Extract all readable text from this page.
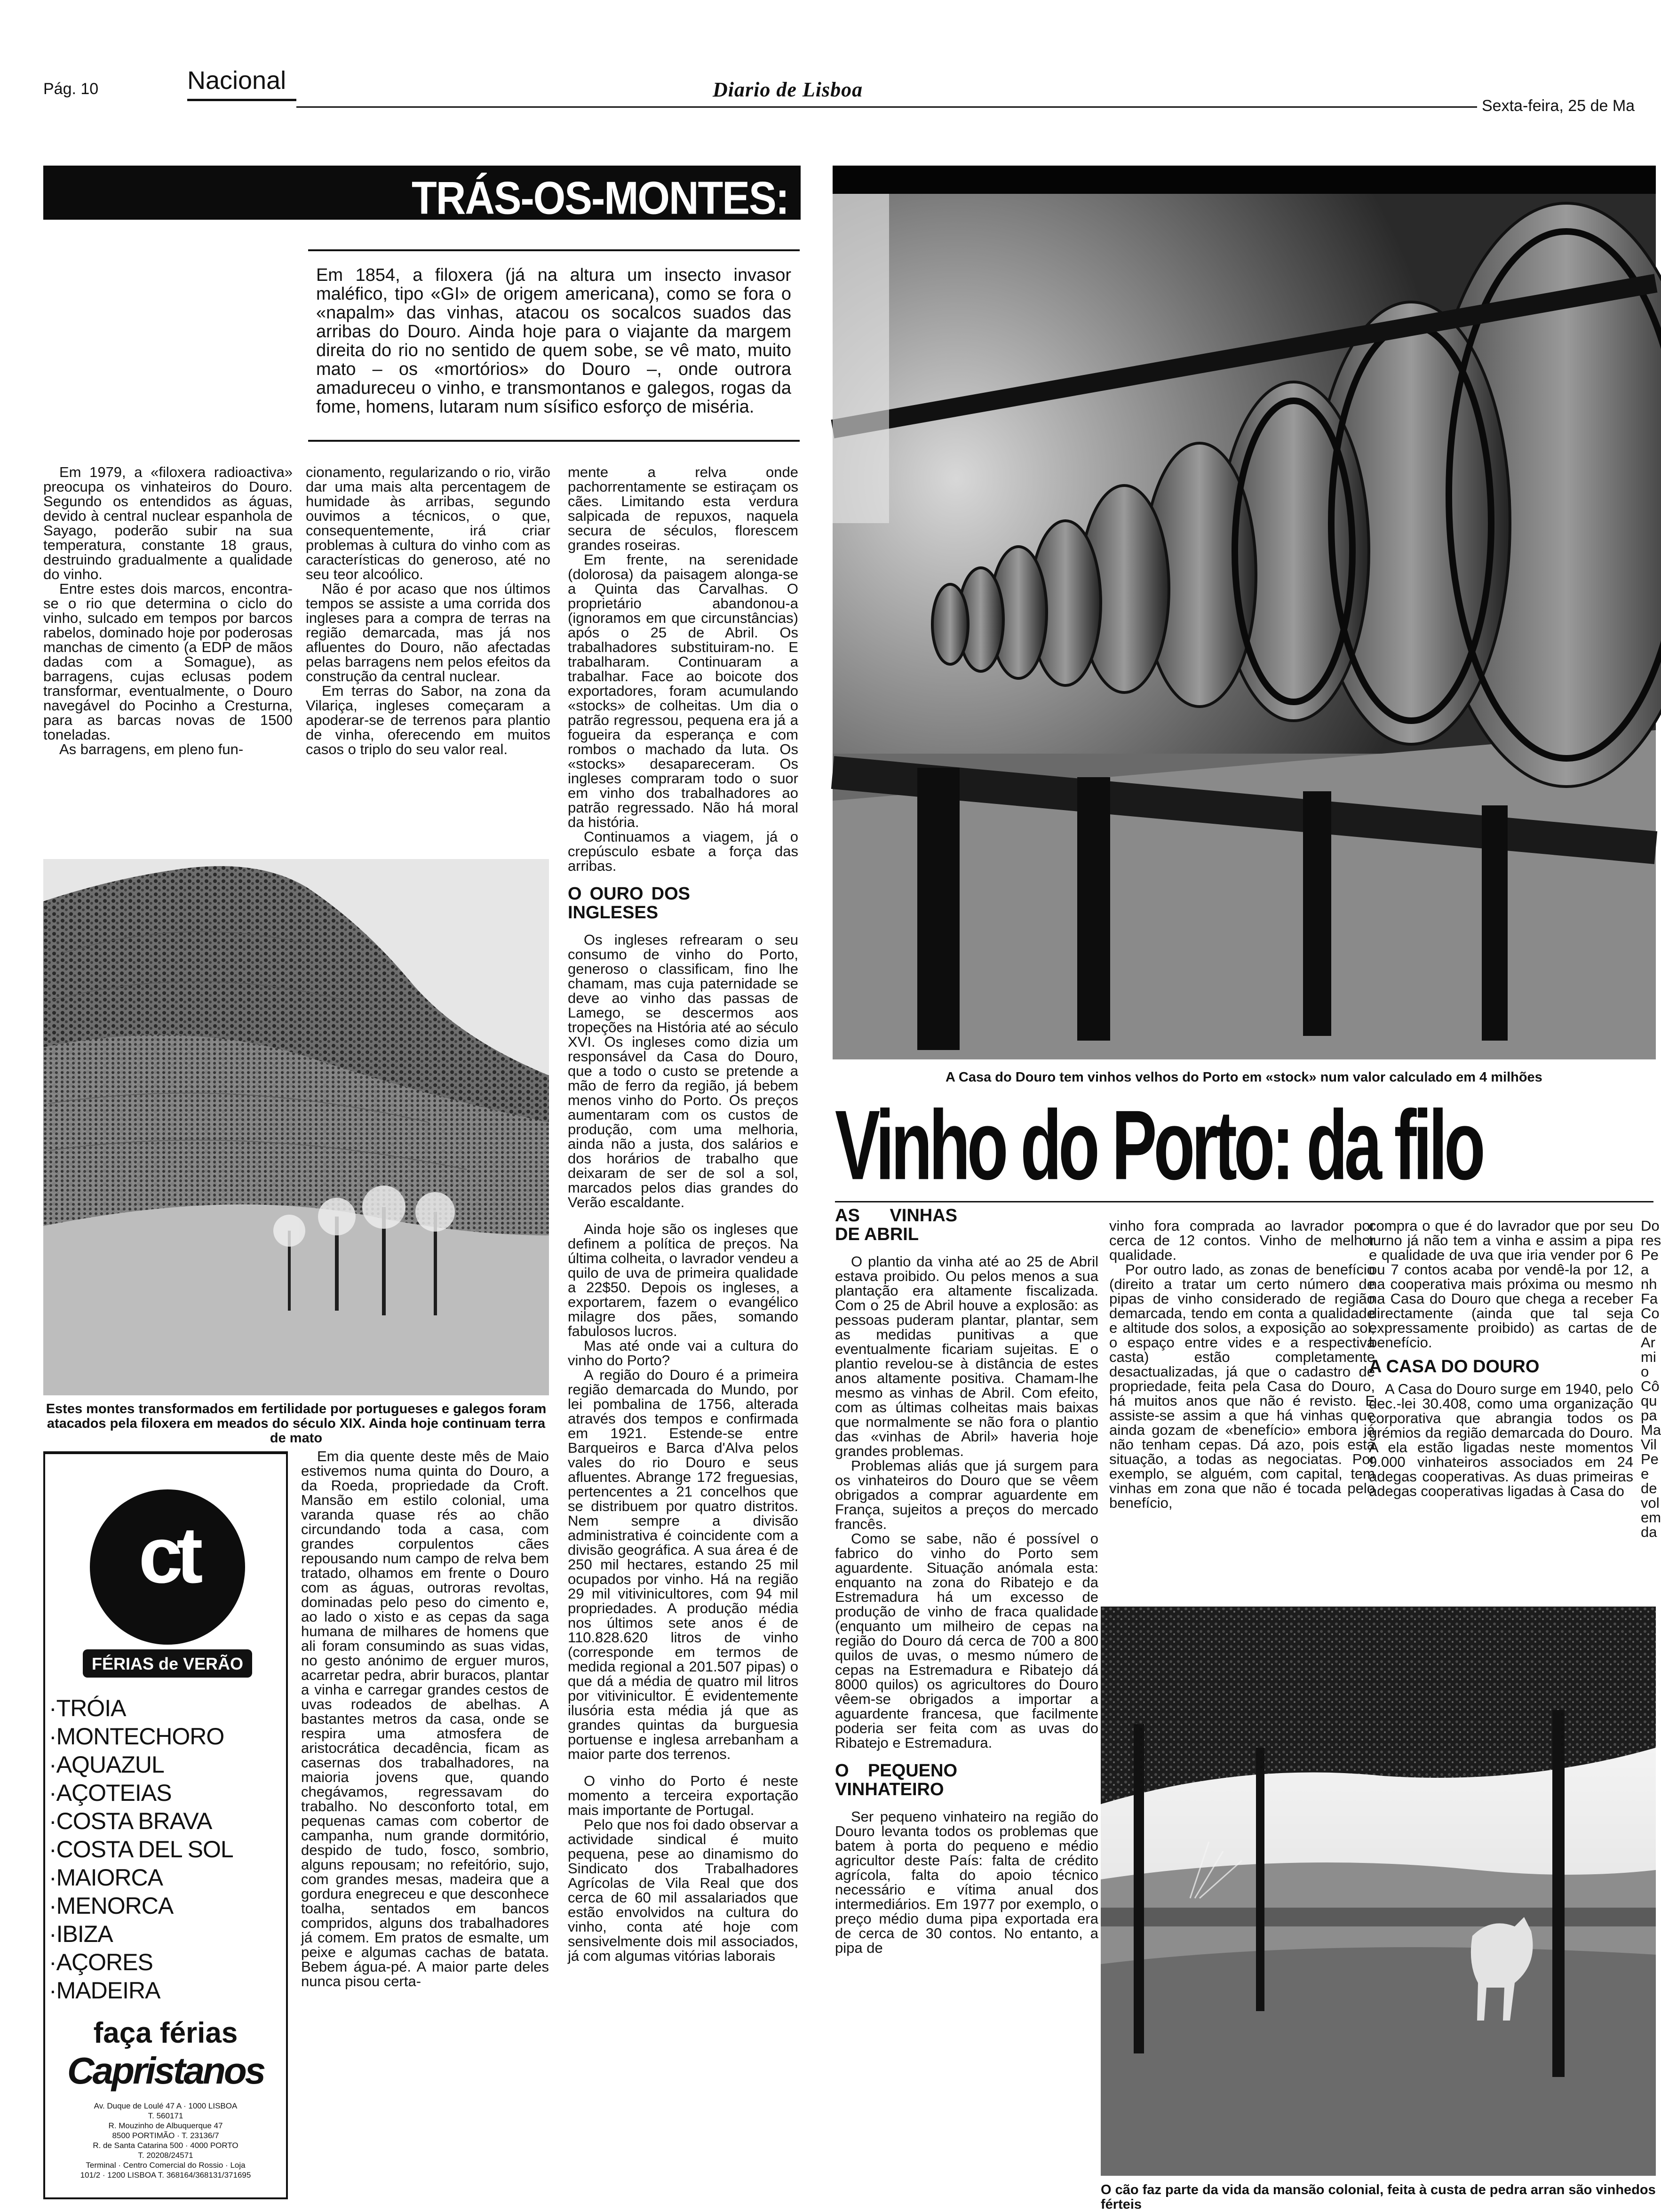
Pág. 10	Nacional	Diario de Lisboa
Sexta-feira, 25 de Ma
TRÁS-OS-MONTES:
Em 1854, a filoxera (já na altura um insecto invasor maléfico, tipo «GI» de origem americana), como se fora o «napalm» das vinhas, atacou os socalcos suados das arribas do Douro. Ainda hoje para o viajante da margem direita do rio no sentido de quem sobe, se vê mato, muito mato – os «mortórios» do Douro –, onde outrora amadureceu o vinho, e transmontanos e galegos, rogas da fome, homens, lutaram num sísifico esforço de miséria.
A Casa do Douro tem vinhos velhos do Porto em «stock» num valor calculado em 4 milhões
Vinho do Porto: da filo

Em 1979, a «filoxera radioactiva» preocupa os vinhateiros do Douro. Segundo os entendidos as águas, devido à central nuclear espanhola de Sayago, poderão subir na sua temperatura, constante 18 graus, destruindo gradualmente a qualidade do vinho.

Entre estes dois marcos, encontra-se o rio que determina o ciclo do vinho, sulcado em tempos por barcos rabelos, dominado hoje por poderosas manchas de cimento (a EDP de mãos dadas com a Somague), as barragens, cujas eclusas podem transformar, eventualmente, o Douro navegável do Pocinho a Cresturna, para as barcas novas de 1500 toneladas.

As barragens, em pleno fun-

cionamento, regularizando o rio, virão dar uma mais alta percentagem de humidade às arribas, segundo ouvimos a técnicos, o que, consequentemente, irá criar problemas à cultura do vinho com as características do generoso, até no seu teor alcoólico.

Não é por acaso que nos últimos tempos se assiste a uma corrida dos ingleses para a compra de terras na região demarcada, mas já nos afluentes do Douro, não afectadas pelas barragens nem pelos efeitos da construção da central nuclear.

Em terras do Sabor, na zona da Vilariça, ingleses começaram a apoderar-se de terrenos para plantio de vinha, oferecendo em muitos casos o triplo do seu valor real.

Estes montes transformados em fertilidade por portugueses e galegos foram atacados pela filoxera em meados do século XIX. Ainda hoje continuam terra de mato

mente a relva onde pachorrentamente se estiraçam os cães. Limitando esta verdura salpicada de repuxos, naquela secura de séculos, florescem grandes roseiras.

Em frente, na serenidade (dolorosa) da paisagem alonga-se a Quinta das Carvalhas. O proprietário abandonou-a (ignoramos em que circunstâncias) após o 25 de Abril. Os trabalhadores substituiram-no. E trabalharam. Continuaram a trabalhar. Face ao boicote dos exportadores, foram acumulando «stocks» de colheitas. Um dia o patrão regressou, pequena era já a fogueira da esperança e com rombos o machado da luta. Os «stocks» desapareceram. Os ingleses compraram todo o suor em vinho dos trabalhadores ao patrão regressado. Não há moral da história.

Continuamos a viagem, já o crepúsculo esbate a força das arribas.

O OURO DOS INGLESES

Os ingleses refrearam o seu consumo de vinho do Porto, generoso o classificam, fino lhe chamam, mas cuja paternidade se deve ao vinho das passas de Lamego, se descermos aos tropeções na História até ao século XVI. Os ingleses como dizia um responsável da Casa do Douro, que a todo o custo se pretende a mão de ferro da região, já bebem menos vinho do Porto. Os preços aumentaram com os custos de produção, com uma melhoria, ainda não a justa, dos salários e dos horários de trabalho que deixaram de ser de sol a sol, marcados pelos dias grandes do Verão escaldante.

Ainda hoje são os ingleses que definem a política de preços. Na última colheita, o lavrador vendeu a quilo de uva de primeira qualidade a 22$50. Depois os ingleses, a exportarem, fazem o evangélico milagre dos pães, somando fabulosos lucros.

Mas até onde vai a cultura do vinho do Porto?

A região do Douro é a primeira região demarcada do Mundo, por lei pombalina de 1756, alterada através dos tempos e confirmada em 1921. Estende-se entre Barqueiros e Barca d'Alva pelos vales do rio Douro e seus afluentes. Abrange 172 freguesias, pertencentes a 21 concelhos que se distribuem por quatro distritos. Nem sempre a divisão administrativa é coincidente com a divisão geográfica. A sua área é de 250 mil hectares, estando 25 mil ocupados por vinho. Há na região 29 mil vitivinicultores, com 94 mil propriedades. A produção média nos últimos sete anos é de 110.828.620 litros de vinho (corresponde em termos de medida regional a 201.507 pipas) o que dá a média de quatro mil litros por vitivinicultor. É evidentemente ilusória esta média já que as grandes quintas da burguesia portuense e inglesa arrebanham a maior parte dos terrenos.

O vinho do Porto é neste momento a terceira exportação mais importante de Portugal.

Pelo que nos foi dado observar a actividade sindical é muito pequena, pese ao dinamismo do Sindicato dos Trabalhadores Agrícolas de Vila Real que dos cerca de 60 mil assalariados que estão envolvidos na cultura do vinho, conta até hoje com sensivelmente dois mil associados, já com algumas vitórias laborais

ct
FÉRIAS de VERÃO
·TRÓIA
·MONTECHORO
·AQUAZUL
·AÇOTEIAS
·COSTA BRAVA
·COSTA DEL SOL
·MAIORCA
·MENORCA
·IBIZA
·AÇORES
·MADEIRA
faça férias
Capristanos
Av. Duque de Loulé 47 A · 1000 LISBOA
T. 560171
R. Mouzinho de Albuquerque 47
8500 PORTIMÃO · T. 23136/7
R. de Santa Catarina 500 · 4000 PORTO
T. 20208/24571
Terminal · Centro Comercial do Rossio · Loja
101/2 · 1200 LISBOA T. 368164/368131/371695

Em dia quente deste mês de Maio estivemos numa quinta do Douro, a da Roeda, propriedade da Croft. Mansão em estilo colonial, uma varanda quase rés ao chão circundando toda a casa, com grandes corpulentos cães repousando num campo de relva bem tratado, olhamos em frente o Douro com as águas, outroras revoltas, dominadas pelo peso do cimento e, ao lado o xisto e as cepas da saga humana de milhares de homens que ali foram consumindo as suas vidas, no gesto anónimo de erguer muros, acarretar pedra, abrir buracos, plantar a vinha e carregar grandes cestos de uvas rodeados de abelhas. A bastantes metros da casa, onde se respira uma atmosfera de aristocrática decadência, ficam as casernas dos trabalhadores, na maioria jovens que, quando chegávamos, regressavam do trabalho. No desconforto total, em pequenas camas com cobertor de campanha, num grande dormitório, despido de tudo, fosco, sombrio, alguns repousam; no refeitório, sujo, com grandes mesas, madeira que a gordura enegreceu e que desconhece toalha, sentados em bancos compridos, alguns dos trabalhadores já comem. Em pratos de esmalte, um peixe e algumas cachas de batata. Bebem água-pé. A maior parte deles nunca pisou certa-

AS VINHAS DE ABRIL

O plantio da vinha até ao 25 de Abril estava proibido. Ou pelos menos a sua plantação era altamente fiscalizada. Com o 25 de Abril houve a explosão: as pessoas puderam plantar, plantar, sem as medidas punitivas a que eventualmente ficariam sujeitas. E o plantio revelou-se à distância de estes anos altamente positiva. Chamam-lhe mesmo as vinhas de Abril. Com efeito, com as últimas colheitas mais baixas que normalmente se não fora o plantio das «vinhas de Abril» haveria hoje grandes problemas.

Problemas aliás que já surgem para os vinhateiros do Douro que se vêem obrigados a comprar aguardente em França, sujeitos a preços do mercado francês.

Como se sabe, não é possível o fabrico do vinho do Porto sem aguardente. Situação anómala esta: enquanto na zona do Ribatejo e da Estremadura há um excesso de produção de vinho de fraca qualidade (enquanto um milheiro de cepas na região do Douro dá cerca de 700 a 800 quilos de uvas, o mesmo número de cepas na Estremadura e Ribatejo dá 8000 quilos) os agricultores do Douro vêem-se obrigados a importar a aguardente francesa, que facilmente poderia ser feita com as uvas do Ribatejo e Estremadura.

O PEQUENO VINHATEIRO

Ser pequeno vinhateiro na região do Douro levanta todos os problemas que batem à porta do pequeno e médio agricultor deste País: falta de crédito agrícola, falta do apoio técnico necessário e vítima anual dos intermediários. Em 1977 por exemplo, o preço médio duma pipa exportada era de cerca de 30 contos. No entanto, a pipa de

vinho fora comprada ao lavrador por cerca de 12 contos. Vinho de melhor qualidade.

Por outro lado, as zonas de benefício (direito a tratar um certo número de pipas de vinho considerado de região demarcada, tendo em conta a qualidade e altitude dos solos, a exposição ao sol, o espaço entre vides e a respectiva casta) estão completamente desactualizadas, já que o cadastro de propriedade, feita pela Casa do Douro, há muitos anos que não é revisto. E assiste-se assim a que há vinhas que ainda gozam de «benefício» embora já não tenham cepas. Dá azo, pois esta situação, a todas as negociatas. Por exemplo, se alguém, com capital, tem vinhas em zona que não é tocada pelo benefício,

compra o que é do lavrador que por seu turno já não tem a vinha e assim a pipa e qualidade de uva que iria vender por 6 ou 7 contos acaba por vendê-la por 12, na cooperativa mais próxima ou mesmo na Casa do Douro que chega a receber directamente (ainda que tal seja expressamente proibido) as cartas de benefício.

A CASA DO DOURO

A Casa do Douro surge em 1940, pelo dec.-lei 30.408, como uma organização corporativa que abrangia todos os grémios da região demarcada do Douro. A ela estão ligadas neste momentos 9.000 vinhateiros associados em 24 adegas cooperativas. As duas primeiras adegas cooperativas ligadas à Casa do

Do
res
Pe
a
nh
Fa
Co
de
Ar
mi
o
Cô
qu
pa
Ma
Vil
Pe
e
de
vol
em
da
O cão faz parte da vida da mansão colonial, feita à custa de pedra arran são vinhedos férteis
